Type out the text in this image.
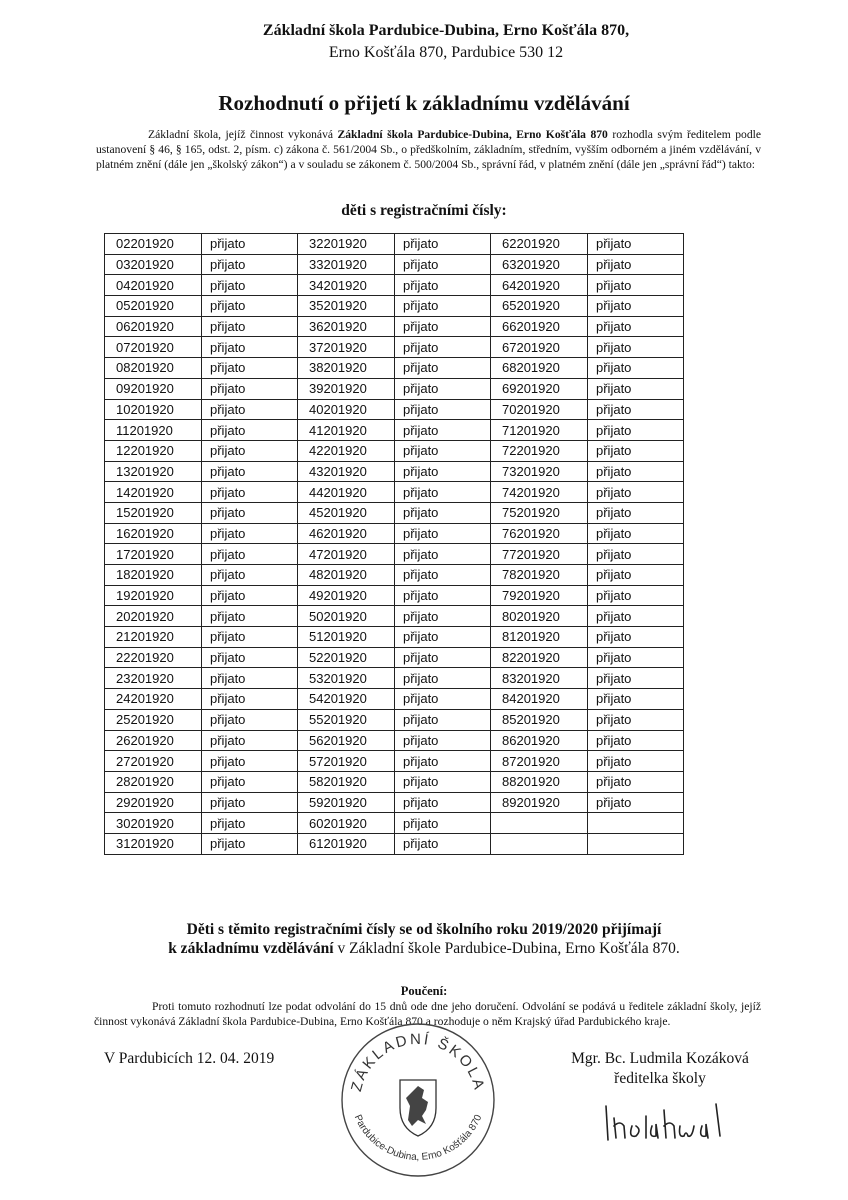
Základní škola Pardubice-Dubina, Erno Košťála 870,
Erno Košťála 870, Pardubice 530 12
Rozhodnutí o přijetí k základnímu vzdělávání
Základní škola, jejíž činnost vykonává Základní škola Pardubice-Dubina, Erno Košťála 870 rozhodla svým ředitelem podle ustanovení § 46, § 165, odst. 2, písm. c) zákona č. 561/2004 Sb., o předškolním, základním, středním, vyšším odborném a jiném vzdělávání, v platném znění (dále jen „školský zákon“) a v souladu se zákonem č. 500/2004 Sb., správní řád, v platném znění (dále jen „správní řád“) takto:
děti s registračními čísly:
02201920	přijato	32201920	přijato	62201920	přijato
03201920	přijato	33201920	přijato	63201920	přijato
04201920	přijato	34201920	přijato	64201920	přijato
05201920	přijato	35201920	přijato	65201920	přijato
06201920	přijato	36201920	přijato	66201920	přijato
07201920	přijato	37201920	přijato	67201920	přijato
08201920	přijato	38201920	přijato	68201920	přijato
09201920	přijato	39201920	přijato	69201920	přijato
10201920	přijato	40201920	přijato	70201920	přijato
11201920	přijato	41201920	přijato	71201920	přijato
12201920	přijato	42201920	přijato	72201920	přijato
13201920	přijato	43201920	přijato	73201920	přijato
14201920	přijato	44201920	přijato	74201920	přijato
15201920	přijato	45201920	přijato	75201920	přijato
16201920	přijato	46201920	přijato	76201920	přijato
17201920	přijato	47201920	přijato	77201920	přijato
18201920	přijato	48201920	přijato	78201920	přijato
19201920	přijato	49201920	přijato	79201920	přijato
20201920	přijato	50201920	přijato	80201920	přijato
21201920	přijato	51201920	přijato	81201920	přijato
22201920	přijato	52201920	přijato	82201920	přijato
23201920	přijato	53201920	přijato	83201920	přijato
24201920	přijato	54201920	přijato	84201920	přijato
25201920	přijato	55201920	přijato	85201920	přijato
26201920	přijato	56201920	přijato	86201920	přijato
27201920	přijato	57201920	přijato	87201920	přijato
28201920	přijato	58201920	přijato	88201920	přijato
29201920	přijato	59201920	přijato	89201920	přijato
30201920	přijato	60201920	přijato		
31201920	přijato	61201920	přijato		
Děti s těmito registračními čísly se od školního roku 2019/2020 přijímají
k základnímu vzdělávání v Základní škole Pardubice-Dubina, Erno Košťála 870.
Poučení:
Proti tomuto rozhodnutí lze podat odvolání do 15 dnů ode dne jeho doručení. Odvolání se podává u ředitele základní školy, jejíž činnost vykonává Základní škola Pardubice-Dubina, Erno Košťála 870 a rozhoduje o něm Krajský úřad Pardubického kraje.
V Pardubicích 12. 04. 2019	Mgr. Bc. Ludmila Kozáková
ředitelka školy
ZÁKLADNÍ ŠKOLA
Pardubice-Dubina, Erno Košťála 870
